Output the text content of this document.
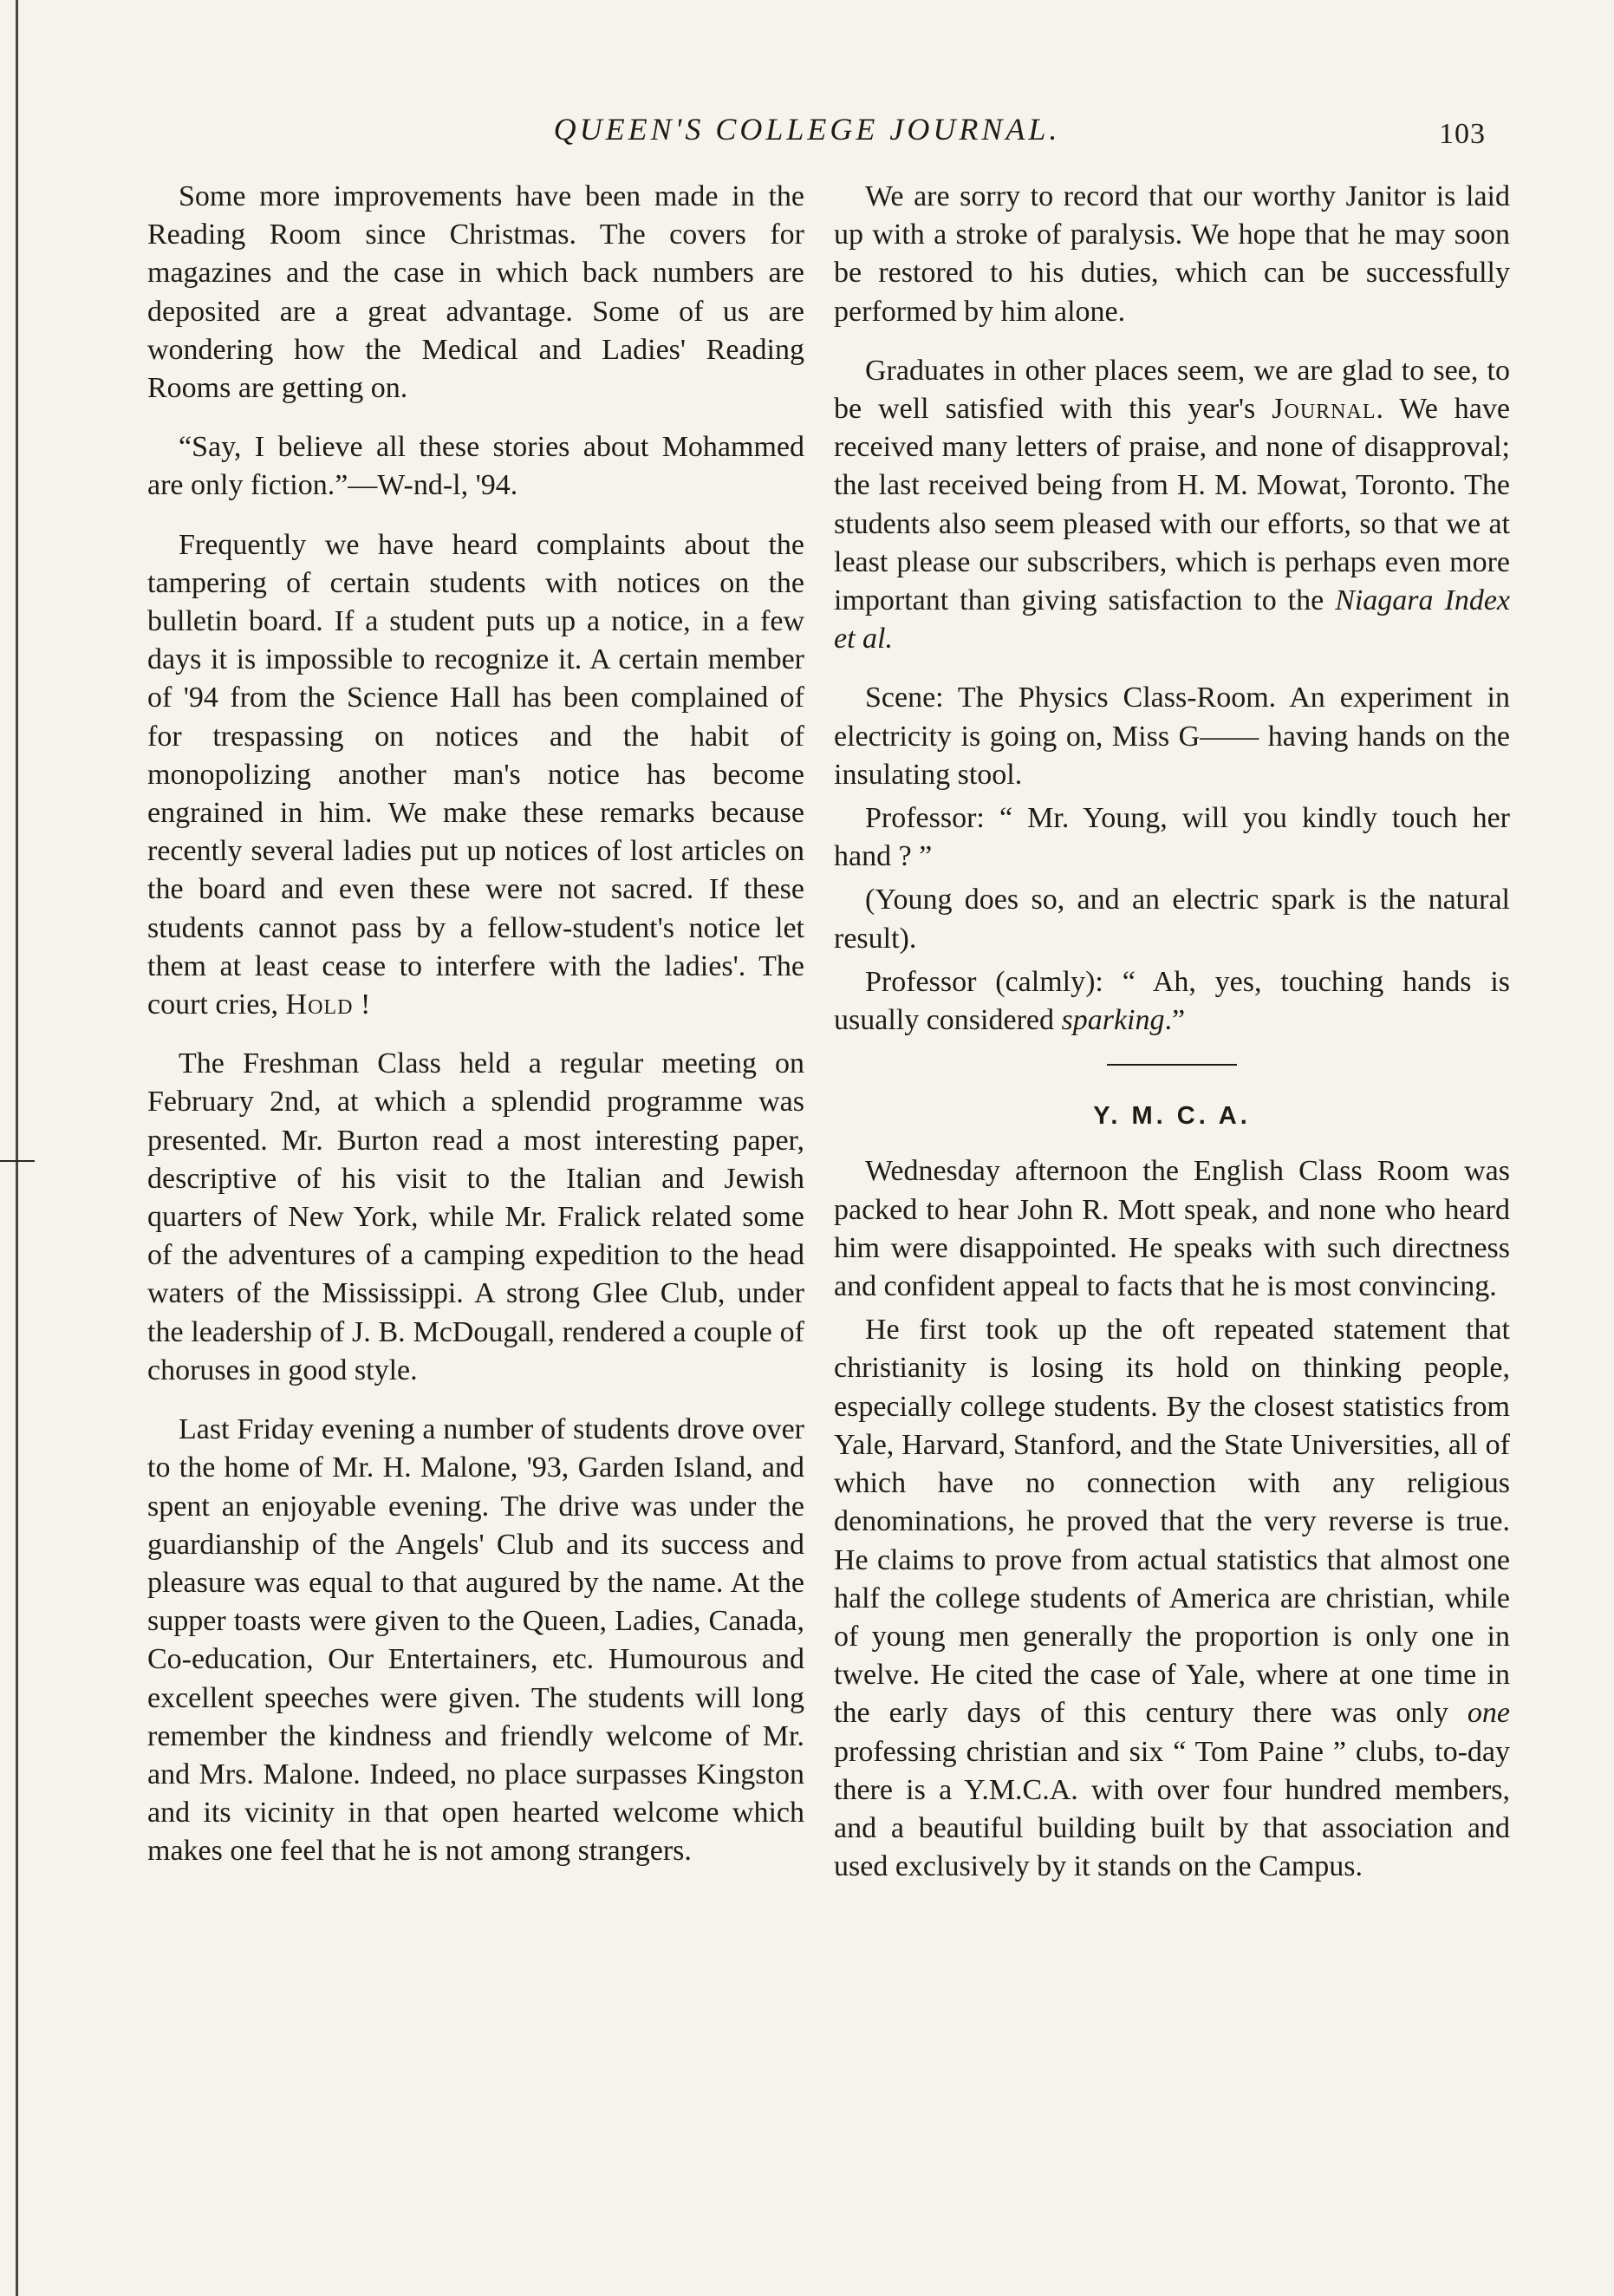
QUEEN'S COLLEGE JOURNAL.	103

Some more improvements have been made in the Reading Room since Christmas. The covers for magazines and the case in which back numbers are deposited are a great advantage. Some of us are wondering how the Medical and Ladies' Reading Rooms are getting on.

“Say, I believe all these stories about Mohammed are only fiction.”—W-nd-l, '94.

Frequently we have heard complaints about the tampering of certain students with notices on the bulletin board. If a student puts up a notice, in a few days it is impossible to recognize it. A certain member of '94 from the Science Hall has been complained of for trespassing on notices and the habit of monopolizing another man's notice has become engrained in him. We make these remarks because recently several ladies put up notices of lost articles on the board and even these were not sacred. If these students cannot pass by a fellow-student's notice let them at least cease to interfere with the ladies'. The court cries, Hold !

The Freshman Class held a regular meeting on February 2nd, at which a splendid programme was presented. Mr. Burton read a most interesting paper, descriptive of his visit to the Italian and Jewish quarters of New York, while Mr. Fralick related some of the adventures of a camping expedition to the head waters of the Mississippi. A strong Glee Club, under the leadership of J. B. McDougall, rendered a couple of choruses in good style.

Last Friday evening a number of students drove over to the home of Mr. H. Malone, '93, Garden Island, and spent an enjoyable evening. The drive was under the guardianship of the Angels' Club and its success and pleasure was equal to that augured by the name. At the supper toasts were given to the Queen, Ladies, Canada, Co-education, Our Entertainers, etc. Humourous and excellent speeches were given. The students will long remember the kindness and friendly welcome of Mr. and Mrs. Malone. Indeed, no place surpasses Kingston and its vicinity in that open hearted welcome which makes one feel that he is not among strangers.

We are sorry to record that our worthy Janitor is laid up with a stroke of paralysis. We hope that he may soon be restored to his duties, which can be successfully performed by him alone.

Graduates in other places seem, we are glad to see, to be well satisfied with this year's Journal. We have received many letters of praise, and none of disapproval; the last received being from H. M. Mowat, Toronto. The students also seem pleased with our efforts, so that we at least please our subscribers, which is perhaps even more important than giving satisfaction to the Niagara Index et al.

Scene: The Physics Class-Room. An experiment in electricity is going on, Miss G—— having hands on the insulating stool.

Professor: “ Mr. Young, will you kindly touch her hand ? ”

(Young does so, and an electric spark is the natural result).

Professor (calmly): “ Ah, yes, touching hands is usually considered sparking.”

Y. M. C. A.

Wednesday afternoon the English Class Room was packed to hear John R. Mott speak, and none who heard him were disappointed. He speaks with such directness and confident appeal to facts that he is most convincing.

He first took up the oft repeated statement that christianity is losing its hold on thinking people, especially college students. By the closest statistics from Yale, Harvard, Stanford, and the State Universities, all of which have no connection with any religious denominations, he proved that the very reverse is true. He claims to prove from actual statistics that almost one half the college students of America are christian, while of young men generally the proportion is only one in twelve. He cited the case of Yale, where at one time in the early days of this century there was only one professing christian and six “ Tom Paine ” clubs, to-day there is a Y.M.C.A. with over four hundred members, and a beautiful building built by that association and used exclusively by it stands on the Campus.
